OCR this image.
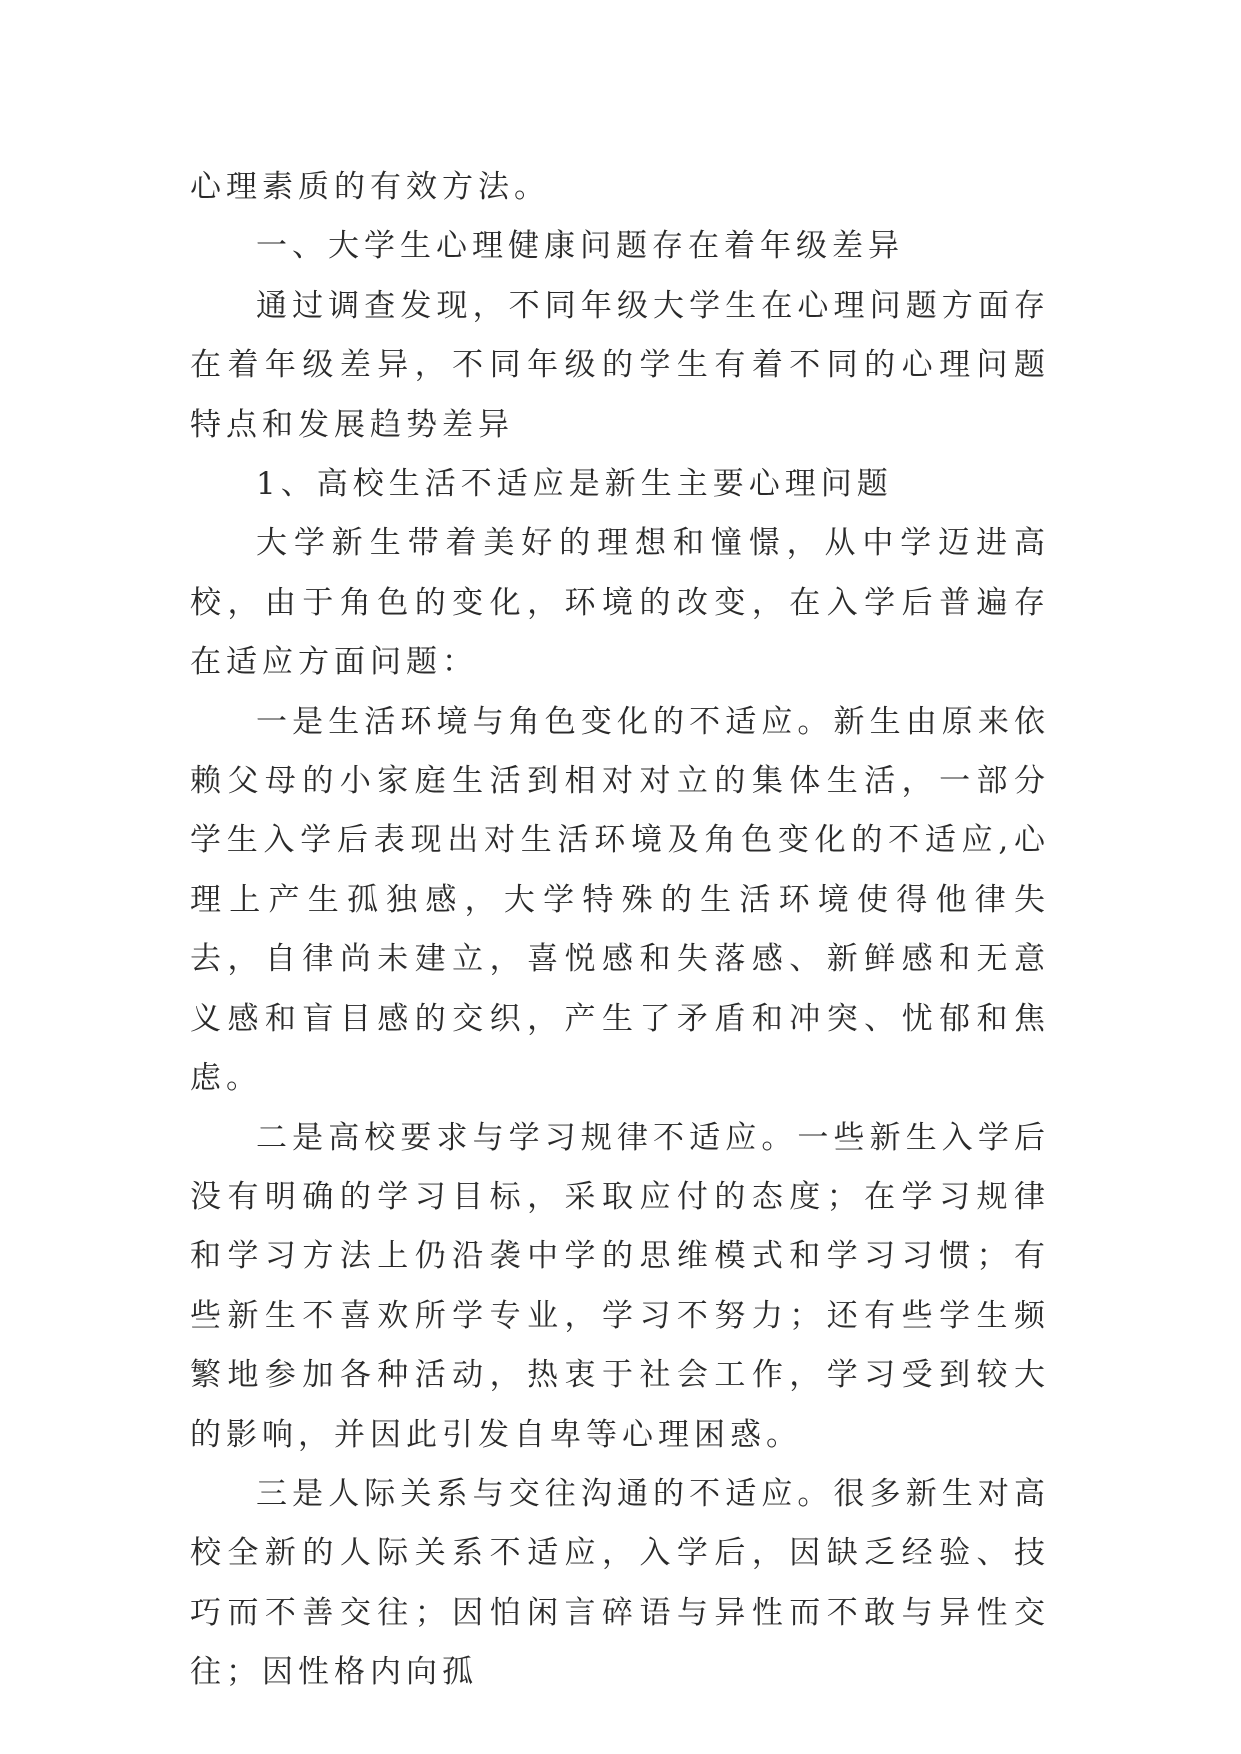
心理素质的有效方法。

一、大学生心理健康问题存在着年级差异

通过调查发现，不同年级大学生在心理问题方面存在着年级差异，不同年级的学生有着不同的心理问题特点和发展趋势差异

1、高校生活不适应是新生主要心理问题

大学新生带着美好的理想和憧憬，从中学迈进高校，由于角色的变化，环境的改变，在入学后普遍存在适应方面问题：

一是生活环境与角色变化的不适应。新生由原来依赖父母的小家庭生活到相对对立的集体生活，一部分学生入学后表现出对生活环境及角色变化的不适应,心理上产生孤独感，大学特殊的生活环境使得他律失去，自律尚未建立，喜悦感和失落感、新鲜感和无意义感和盲目感的交织，产生了矛盾和冲突、忧郁和焦虑。

二是高校要求与学习规律不适应。一些新生入学后没有明确的学习目标，采取应付的态度；在学习规律和学习方法上仍沿袭中学的思维模式和学习习惯；有些新生不喜欢所学专业，学习不努力；还有些学生频繁地参加各种活动，热衷于社会工作，学习受到较大的影响，并因此引发自卑等心理困惑。

三是人际关系与交往沟通的不适应。很多新生对高校全新的人际关系不适应，入学后，因缺乏经验、技巧而不善交往；因怕闲言碎语与异性而不敢与异性交往；因性格内向孤
